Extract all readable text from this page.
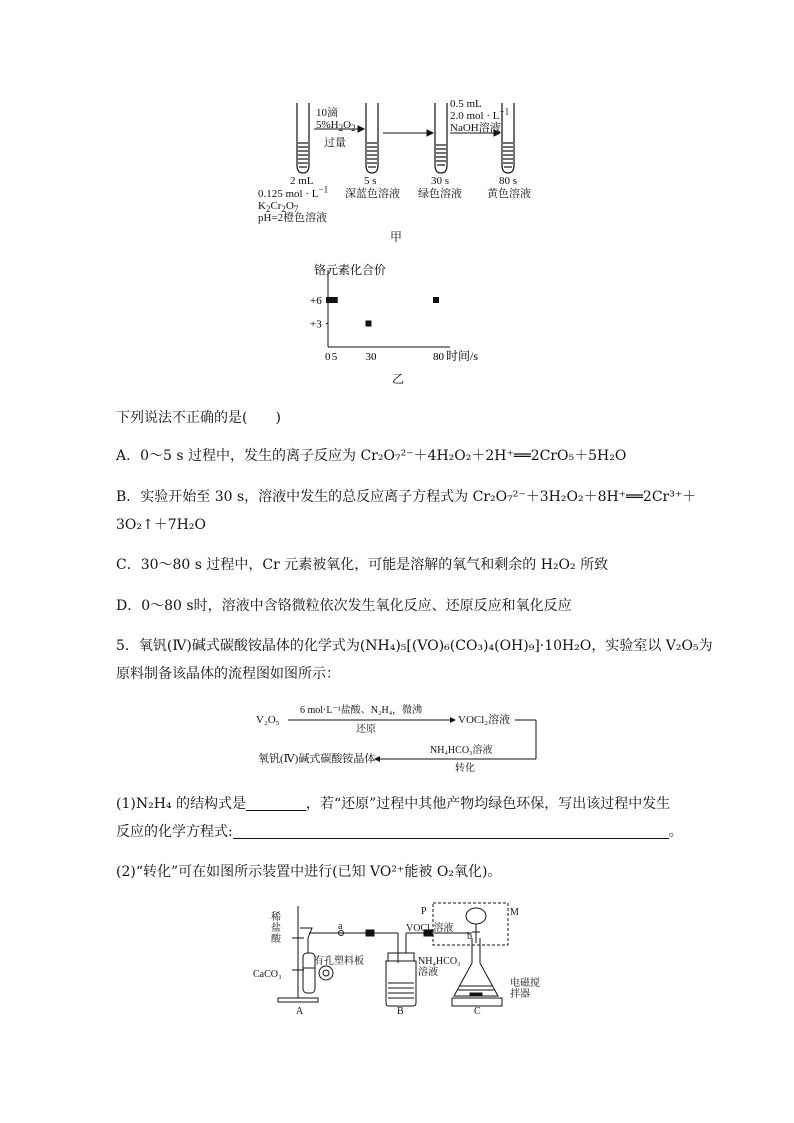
10滴
$5\%H_2O_2$
过量
0.5 mL
2.0 mol · $L^{-1}$
NaOH溶液
2 mL	5 s	30 s	80 s
0.125 mol · $L^{-1}$
$K_2Cr_2O_7$
pH=2橙色溶液
深蓝色溶液 绿色溶液 黄色溶液
甲
铬元素化合价
时间/s
0 5	30	80
+6
+3
乙
下列说法不正确的是(　　)
A．0～5 s 过程中，发生的离子反应为 Cr₂O₇²⁻＋4H₂O₂＋2H⁺══2CrO₅＋5H₂O
B．实验开始至 30 s，溶液中发生的总反应离子方程式为 Cr₂O₇²⁻＋3H₂O₂＋8H⁺══2Cr³⁺＋
3O₂↑＋7H₂O
C．30～80 s 过程中，Cr 元素被氧化，可能是溶解的氧气和剩余的 H₂O₂ 所致
D．0～80 s时，溶液中含铬微粒依次发生氧化反应、还原反应和氧化反应
5．氧钒(Ⅳ)碱式碳酸铵晶体的化学式为(NH₄)₅[(VO)₆(CO₃)₄(OH)₉]·10H₂O，实验室以 V₂O₅为
原料制备该晶体的流程图如图所示：
V₂O₅
6 mol·L⁻¹盐酸、N₂H₄，微沸
还原
VOCl₂溶液
NH₄HCO₃溶液
转化
氧钒(Ⅳ)碱式碳酸铵晶体
(1)N₂H₄ 的结构式是	，若“还原”过程中其他产物均绿色环保，写出该过程中发生
反应的化学方程式:	。
(2)“转化”可在如图所示装置中进行(已知 VO²⁺能被 O₂氧化)。
稀
盐
酸
CaCO₃
有孔塑料板
a
P	M
VOCl₂溶液
b
NH₄HCO₃
溶液
电磁搅
拌器
A	B	C
